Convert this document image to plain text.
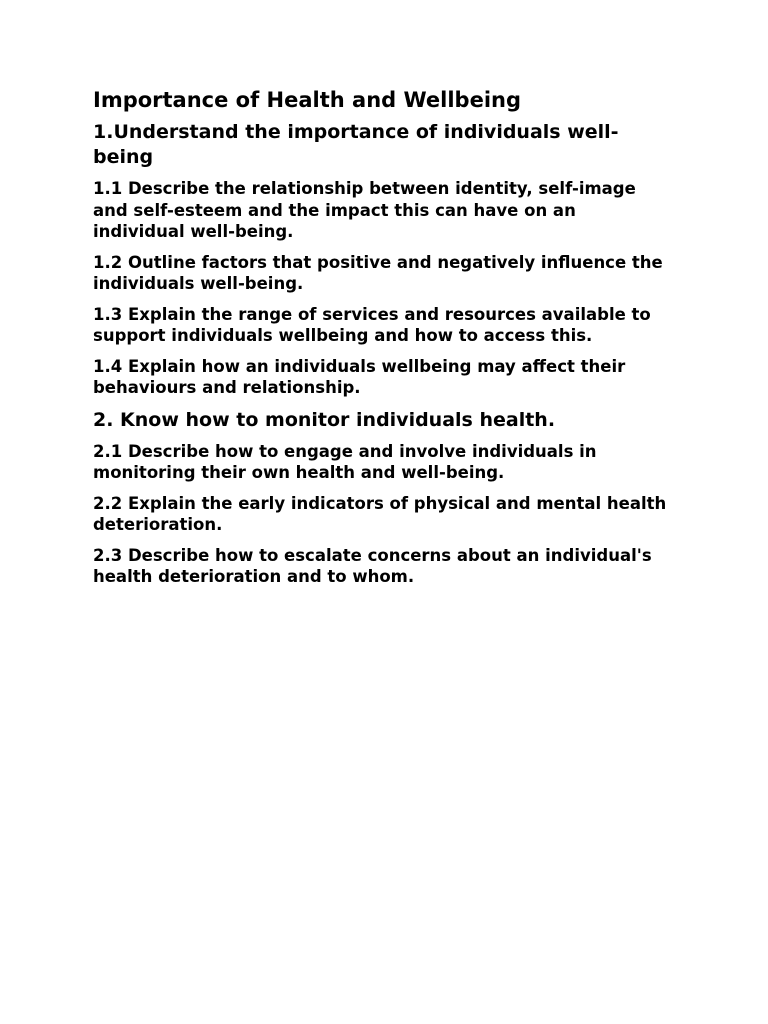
Importance of Health and Wellbeing
1.Understand the importance of individuals well-being
1.1 Describe the relationship between identity, self-image and self-esteem and the impact this can have on an individual well-being.
1.2 Outline factors that positive and negatively influence the individuals well-being.
1.3 Explain the range of services and resources available to support individuals wellbeing and how to access this.
1.4 Explain how an individuals wellbeing may affect their behaviours and relationship.
2. Know how to monitor individuals health.
2.1 Describe how to engage and involve individuals in monitoring their own health and well-being.
2.2 Explain the early indicators of physical and mental health deterioration.
2.3 Describe how to escalate concerns about an individual's health deterioration and to whom.
